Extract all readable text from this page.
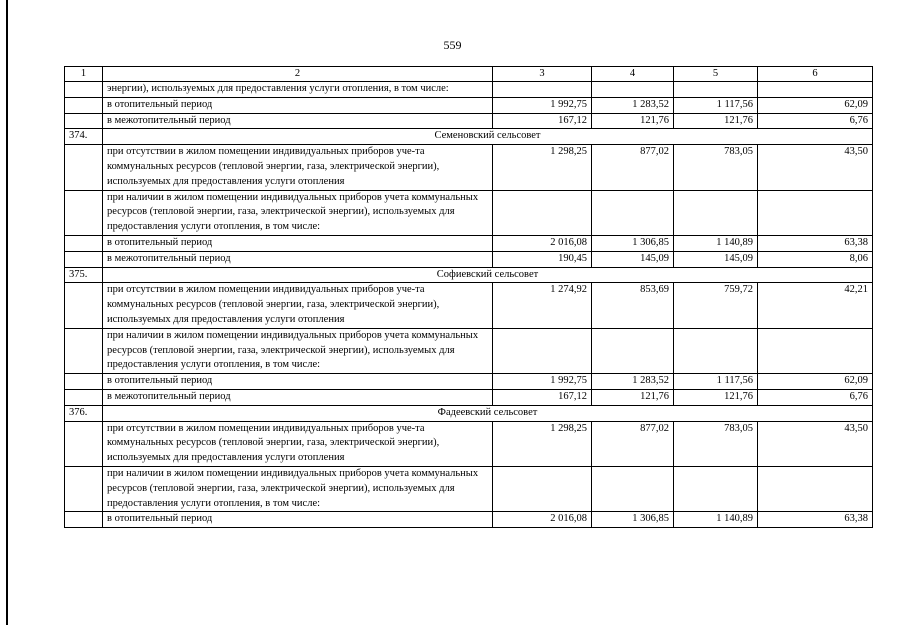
559
1	2	3	4	5	6
	энергии), используемых для предоставления услуги отопления, в том числе:				
	в отопительный период	1 992,75	1 283,52	1 117,56	62,09
	в межотопительный период	167,12	121,76	121,76	6,76
374.	Семеновский сельсовет				
	при отсутствии в жилом помещении индивидуальных приборов уче-та коммунальных ресурсов (тепловой энергии, газа, электрической энергии), используемых для предоставления услуги отопления	1 298,25	877,02	783,05	43,50
	при наличии в жилом помещении индивидуальных приборов учета коммунальных ресурсов (тепловой энергии, газа, электрической энергии), используемых для предоставления услуги отопления, в том числе:				
	в отопительный период	2 016,08	1 306,85	1 140,89	63,38
	в межотопительный период	190,45	145,09	145,09	8,06
375.	Софиевский сельсовет				
	при отсутствии в жилом помещении индивидуальных приборов уче-та коммунальных ресурсов (тепловой энергии, газа, электрической энергии), используемых для предоставления услуги отопления	1 274,92	853,69	759,72	42,21
	при наличии в жилом помещении индивидуальных приборов учета коммунальных ресурсов (тепловой энергии, газа, электрической энергии), используемых для предоставления услуги отопления, в том числе:				
	в отопительный период	1 992,75	1 283,52	1 117,56	62,09
	в межотопительный период	167,12	121,76	121,76	6,76
376.	Фадеевский сельсовет				
	при отсутствии в жилом помещении индивидуальных приборов уче-та коммунальных ресурсов (тепловой энергии, газа, электрической энергии), используемых для предоставления услуги отопления	1 298,25	877,02	783,05	43,50
	при наличии в жилом помещении индивидуальных приборов учета коммунальных ресурсов (тепловой энергии, газа, электрической энергии), используемых для предоставления услуги отопления, в том числе:				
	в отопительный период	2 016,08	1 306,85	1 140,89	63,38
